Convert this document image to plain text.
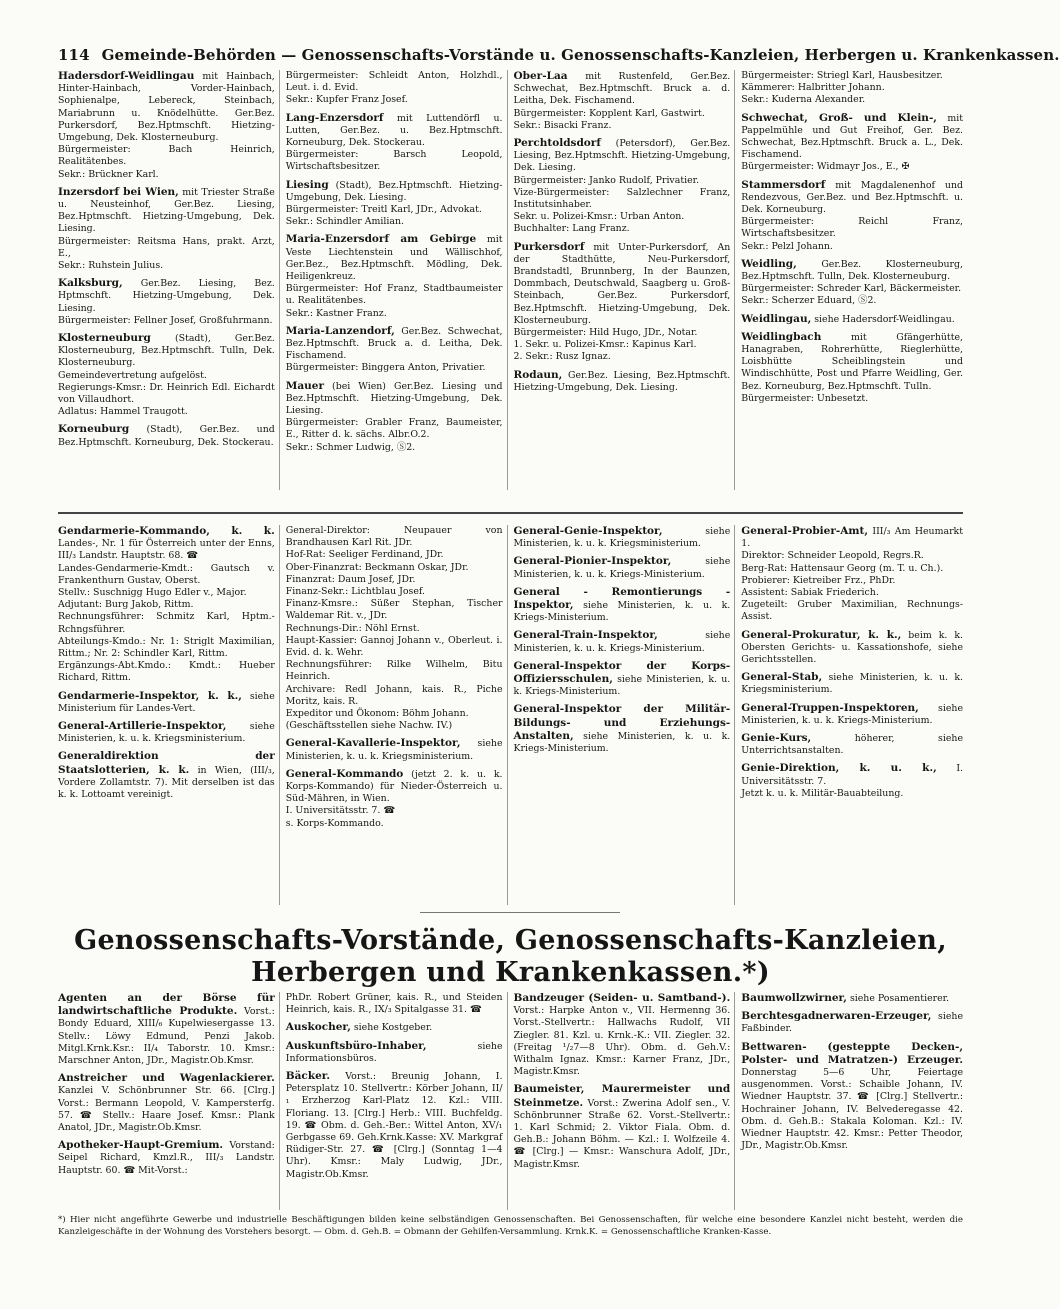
114 Gemeinde-Behörden — Genossenschafts-Vorstände u. Genossenschafts-Kanzleien, Herbergen u. Krankenkassen.

Hadersdorf-Weidlingau mit Hainbach, Hinter-Hainbach, Vorder-Hainbach, Sophienalpe, Lebereck, Steinbach, Mariabrunn u. Knödelhütte. Ger.Bez. Purkersdorf, Bez.Hptmschft. Hietzing-Umgebung, Dek. Klosterneuburg.

Bürgermeister: Bach Heinrich, Realitätenbes.
Sekr.: Brückner Karl.

Inzersdorf bei Wien, mit Triester Straße u. Neusteinhof, Ger.Bez. Liesing, Bez.Hptmschft. Hietzing-Umgebung, Dek. Liesing.

Bürgermeister: Reitsma Hans, prakt. Arzt, E.,
Sekr.: Ruhstein Julius.

Kalksburg, Ger.Bez. Liesing, Bez. Hptmschft. Hietzing-Umgebung, Dek. Liesing.

Bürgermeister: Fellner Josef, Großfuhrmann.

Klosterneuburg	(Stadt), Ger.Bez. Klosterneuburg, Bez.Hptmschft. Tulln, Dek. Klosterneuburg.

Gemeindevertretung aufgelöst.
Regierungs-Kmsr.: Dr. Heinrich Edl. Eichardt von Villaudhort.
Adlatus: Hammel Traugott.

Korneuburg (Stadt), Ger.Bez. und Bez.Hptmschft. Korneuburg, Dek. Stockerau.

Bürgermeister: Schleidt Anton, Holzhdl., Leut. i. d. Evid.
Sekr.: Kupfer Franz Josef.

Lang-Enzersdorf mit Luttendörfl u. Lutten, Ger.Bez. u. Bez.Hptmschft. Korneuburg, Dek. Stockerau.

Bürgermeister: Barsch Leopold, Wirtschaftsbesitzer.

Liesing (Stadt), Bez.Hptmschft. Hietzing-Umgebung, Dek. Liesing.

Bürgermeister: Treitl Karl, JDr., Advokat.
Sekr.: Schindler Amilian.

Maria-Enzersdorf am Gebirge mit Veste Liechtenstein und Wällischhof, Ger.Bez., Bez.Hptmschft. Mödling, Dek. Heiligenkreuz.

Bürgermeister: Hof Franz, Stadtbaumeister u. Realitätenbes.
Sekr.: Kastner Franz.

Maria-Lanzendorf, Ger.Bez. Schwechat, Bez.Hptmschft. Bruck a. d. Leitha, Dek. Fischamend.

Bürgermeister: Binggera Anton, Privatier.

Mauer (bei Wien) Ger.Bez. Liesing und Bez.Hptmschft. Hietzing-Umgebung, Dek. Liesing.

Bürgermeister: Grabler Franz, Baumeister, E., Ritter d. k. sächs. Albr.O.2.
Sekr.: Schmer Ludwig, Ⓢ2.

Ober-Laa mit Rustenfeld, Ger.Bez. Schwechat, Bez.Hptmschft. Bruck a. d. Leitha, Dek. Fischamend.

Bürgermeister: Kopplent Karl, Gastwirt.
Sekr.: Bisacki Franz.

Perchtoldsdorf (Petersdorf), Ger.Bez. Liesing, Bez.Hptmschft. Hietzing-Umgebung, Dek. Liesing.

Bürgermeister: Janko Rudolf, Privatier.
Vize-Bürgermeister: Salzlechner Franz, Institutsinhaber.
Sekr. u. Polizei-Kmsr.: Urban Anton.
Buchhalter: Lang Franz.

Purkersdorf mit Unter-Purkersdorf, An der Stadthütte, Neu-Purkersdorf, Brandstadtl, Brunnberg, In der Baunzen, Dommbach, Deutschwald, Saagberg u. Groß-Steinbach, Ger.Bez. Purkersdorf, Bez.Hptmschft. Hietzing-Umgebung, Dek. Klosterneuburg.

Bürgermeister: Hild Hugo, JDr., Notar.
1. Sekr. u. Polizei-Kmsr.: Kapinus Karl.
2. Sekr.: Rusz Ignaz.

Rodaun, Ger.Bez. Liesing, Bez.Hptmschft. Hietzing-Umgebung, Dek. Liesing.

Bürgermeister: Striegl Karl, Hausbesitzer.
Kämmerer: Halbritter Johann.
Sekr.: Kuderna Alexander.

Schwechat, Groß- und Klein-, mit Pappelmühle und Gut Freihof, Ger. Bez. Schwechat, Bez.Hptmschft. Bruck a. L., Dek. Fischamend.

Bürgermeister: Widmayr Jos., E., ✠

Stammersdorf mit Magdalenenhof und Rendezvous, Ger.Bez. und Bez.Hptmschft. u. Dek. Korneuburg.

Bürgermeister: Reichl Franz, Wirtschaftsbesitzer.
Sekr.: Pelzl Johann.

Weidling,	Ger.Bez. Klosterneuburg, Bez.Hptmschft. Tulln, Dek. Klosterneuburg.

Bürgermeister: Schreder Karl, Bäckermeister.
Sekr.: Scherzer Eduard, Ⓢ2.

Weidlingau, siehe Hadersdorf-Weidlingau.

Weidlingbach	mit Gfängerhütte, Hanagraben, Rohrerhütte, Rieglerhütte, Loisbhütte Scheiblingstein und Windischhütte, Post und Pfarre Weidling, Ger. Bez. Korneuburg, Bez.Hptmschft. Tulln.

Bürgermeister: Unbesetzt.

Gendarmerie-Kommando, k. k. Landes-, Nr. 1 für Österreich unter der Enns, III/₃ Landstr. Hauptstr. 68. ☎

Landes-Gendarmerie-Kmdt.: Gautsch v. Frankenthurn Gustav, Oberst.
Stellv.: Suschnigg Hugo Edler v., Major.
Adjutant: Burg Jakob, Rittm.
Rechnungsführer: Schmitz Karl, Hptm.-Rchngsführer.
Abteilungs-Kmdo.: Nr. 1: Striglt Maximilian, Rittm.; Nr. 2: Schindler Karl, Rittm.
Ergänzungs-Abt.Kmdo.: Kmdt.: Hueber Richard, Rittm.

Gendarmerie-Inspektor, k. k., siehe Ministerium für Landes-Vert.

General-Artillerie-Inspektor, siehe Ministerien, k. u. k. Kriegsministerium.

Generaldirektion der Staatslotterien, k. k. in Wien, (III/₃, Vordere Zollamtstr. 7). Mit derselben ist das k. k. Lottoamt vereinigt.

General-Direktor: Neupauer von Brandhausen Karl Rit. JDr.
Hof-Rat: Seeliger Ferdinand, JDr.
Ober-Finanzrat: Beckmann Oskar, JDr.
Finanzrat: Daum Josef, JDr.
Finanz-Sekr.: Lichtblau Josef.
Finanz-Kmsre.: Süßer Stephan, Tischer Waldemar Rit. v., JDr.
Rechnungs-Dir.: Nöhl Ernst.
Haupt-Kassier: Gannoj Johann v., Oberleut. i. Evid. d. k. Wehr.
Rechnungsführer: Rilke Wilhelm, Bitu Heinrich.
Archivare: Redl Johann, kais. R., Piche Moritz, kais. R.
Expeditor und Ökonom: Böhm Johann.
(Geschäftsstellen siehe Nachw. IV.)

General-Kavallerie-Inspektor, siehe Ministerien, k. u. k. Kriegsministerium.

General-Kommando (jetzt 2. k. u. k. Korps-Kommando) für Nieder-Österreich u. Süd-Mähren, in Wien.

I. Universitätsstr. 7. ☎
s. Korps-Kommando.

General-Genie-Inspektor,	siehe Ministerien, k. u. k. Kriegsministerium.

General-Pionier-Inspektor,	siehe Ministerien, k. u. k. Kriegs-Ministerium.

General - Remontierungs - Inspektor, siehe Ministerien, k. u. k. Kriegs-Ministerium.

General-Train-Inspektor,	siehe Ministerien, k. u. k. Kriegs-Ministerium.

General-Inspektor der Korps-Offiziersschulen, siehe Ministerien, k. u. k. Kriegs-Ministerium.

General-Inspektor der Militär-Bildungs- und Erziehungs-Anstalten, siehe Ministerien, k. u. k. Kriegs-Ministerium.

General-Probier-Amt, III/₃ Am Heumarkt 1.

Direktor: Schneider Leopold, Regrs.R.
Berg-Rat: Hattensaur Georg (m. T. u. Ch.).
Probierer: Kietreiber Frz., PhDr.
Assistent: Sabiak Friederich.
Zugeteilt: Gruber Maximilian, Rechnungs-Assist.

General-Prokuratur, k. k., beim k. k. Obersten Gerichts- u. Kassationshofe, siehe Gerichtsstellen.

General-Stab, siehe Ministerien, k. u. k. Kriegsministerium.

General-Truppen-Inspektoren, siehe Ministerien, k. u. k. Kriegs-Ministerium.

Genie-Kurs,	höherer, siehe Unterrichtsanstalten.

Genie-Direktion, k. u. k., I. Universitätsstr. 7.

Jetzt k. u. k. Militär-Bauabteilung.

Genossenschafts-Vorstände, Genossenschafts-Kanzleien, Herbergen und Krankenkassen.*)

Agenten an der Börse für landwirtschaftliche Produkte. Vorst.: Bondy Eduard, XIII/₆ Kupelwiesergasse 13. Stellv.: Löwy Edmund, Penzi Jakob. Mitgl.Krnk.Ksr.: II/₄ Taborstr. 10. Kmsr.: Marschner Anton, JDr., Magistr.Ob.Kmsr.

Anstreicher und Wagenlackierer. Kanzlei V. Schönbrunner Str. 66. [Clrg.] Vorst.: Bermann Leopold, V. Kampersterfg. 57. ☎ Stellv.: Haare Josef. Kmsr.: Plank Anatol, JDr., Magistr.Ob.Kmsr.

Apotheker-Haupt-Gremium. Vorstand: Seipel Richard, Kmzl.R., III/₃ Landstr. Hauptstr. 60. ☎ Mit-Vorst.:

PhDr. Robert Grüner, kais. R., und Steiden Heinrich, kais. R., IX/₃ Spitalgasse 31. ☎

Auskocher, siehe Kostgeber.

Auskunftsbüro-Inhaber,	siehe Informationsbüros.

Bäcker. Vorst.: Breunig Johann, I. Petersplatz 10. Stellvertr.: Körber Johann, II/₁ Erzherzog Karl-Platz 12. Kzl.: VIII. Floriang. 13. [Clrg.] Herb.: VIII. Buchfeldg. 19. ☎ Obm. d. Geh.-Ber.: Wittel Anton, XV/₁ Gerbgasse 69. Geh.Krnk.Kasse: XV. Markgraf Rüdiger-Str. 27. ☎ [Clrg.] (Sonntag 1—4 Uhr). Kmsr.: Maly Ludwig, JDr., Magistr.Ob.Kmsr.

Bandzeuger (Seiden- u. Samtband-). Vorst.: Harpke Anton v., VII. Hermenng 36. Vorst.-Stellvertr.: Hallwachs Rudolf, VII Ziegler. 81. Kzl. u. Krnk.-K.: VII. Ziegler. 32. (Freitag ¹/₂7—8 Uhr). Obm. d. Geh.V.: Withalm Ignaz. Kmsr.: Karner Franz, JDr., Magistr.Kmsr.

Baumeister, Maurermeister und Steinmetze. Vorst.: Zwerina Adolf sen., V. Schönbrunner Straße 62. Vorst.-Stellvertr.: 1. Karl Schmid; 2. Viktor Fiala. Obm. d. Geh.B.: Johann Böhm. — Kzl.: I. Wolfzeile 4. ☎ [Clrg.] — Kmsr.: Wanschura Adolf, JDr., Magistr.Kmsr.

Baumwollzwirner, siehe Posamentierer.

Berchtesgadnerwaren-Erzeuger, siehe Faßbinder.

Bettwaren- (gesteppte Decken-, Polster- und Matratzen-) Erzeuger. Donnerstag 5—6 Uhr, Feiertage ausgenommen. Vorst.: Schaible Johann, IV. Wiedner Hauptstr. 37. ☎ [Clrg.] Stellvertr.: Hochrainer Johann, IV. Belvederegasse 42. Obm. d. Geh.B.: Stakala Koloman. Kzl.: IV. Wiedner Hauptstr. 42. Kmsr.: Petter Theodor, JDr., Magistr.Ob.Kmsr.

*) Hier nicht angeführte Gewerbe und industrielle Beschäftigungen bilden keine selbständigen Genossenschaften. Bei Genossenschaften, für welche eine besondere Kanzlei nicht besteht, werden die Kanzleigeschäfte in der Wohnung des Vorstehers besorgt. — Obm. d. Geh.B. = Obmann der Gehilfen-Versammlung. Krnk.K. = Genossenschaftliche Kranken-Kasse.
